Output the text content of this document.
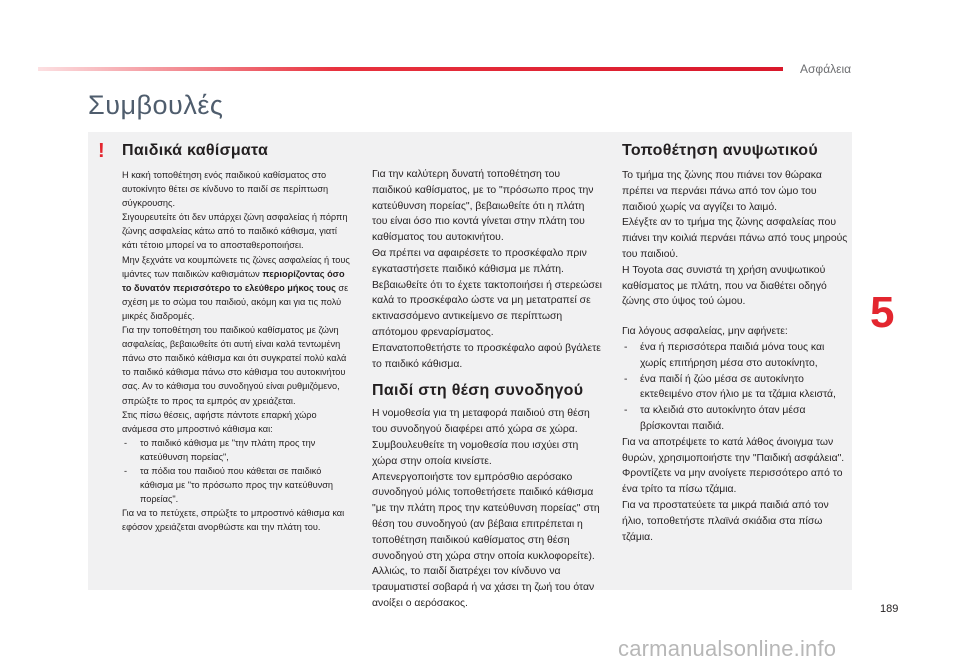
Ασφάλεια
Συμβουλές
! Παιδικά καθίσματα

Η κακή τοποθέτηση ενός παιδικού καθίσματος στο αυτοκίνητο θέτει σε κίνδυνο το παιδί σε περίπτωση σύγκρουσης.

Σιγουρευτείτε ότι δεν υπάρχει ζώνη ασφαλείας ή πόρπη ζώνης ασφαλείας κάτω από το παιδικό κάθισμα, γιατί κάτι τέτοιο μπορεί να το αποσταθεροποιήσει.

Μην ξεχνάτε να κουμπώνετε τις ζώνες ασφαλείας ή τους ιμάντες των παιδικών καθισμάτων περιορίζοντας όσο το δυνατόν περισσότερο το ελεύθερο μήκος τους σε σχέση με το σώμα του παιδιού, ακόμη και για τις πολύ μικρές διαδρομές.

Για την τοποθέτηση του παιδικού καθίσματος με ζώνη ασφαλείας, βεβαιωθείτε ότι αυτή είναι καλά τεντωμένη πάνω στο παιδικό κάθισμα και ότι συγκρατεί πολύ καλά το παιδικό κάθισμα πάνω στο κάθισμα του αυτοκινήτου σας. Αν το κάθισμα του συνοδηγού είναι ρυθμιζόμενο, σπρώξτε το προς τα εμπρός αν χρειάζεται.

Στις πίσω θέσεις, αφήστε πάντοτε επαρκή χώρο ανάμεσα στο μπροστινό κάθισμα και:

- το παιδικό κάθισμα με "την πλάτη προς την κατεύθυνση πορείας",
- τα πόδια του παιδιού που κάθεται σε παιδικό κάθισμα με "το πρόσωπο προς την κατεύθυνση πορείας".

Για να το πετύχετε, σπρώξτε το μπροστινό κάθισμα και εφόσον χρειάζεται ανορθώστε και την πλάτη του.

Για την καλύτερη δυνατή τοποθέτηση του παιδικού καθίσματος, με το "πρόσωπο προς την κατεύθυνση πορείας", βεβαιωθείτε ότι η πλάτη του είναι όσο πιο κοντά γίνεται στην πλάτη του καθίσματος του αυτοκινήτου.

Θα πρέπει να αφαιρέσετε το προσκέφαλο πριν εγκαταστήσετε παιδικό κάθισμα με πλάτη.

Βεβαιωθείτε ότι το έχετε τακτοποιήσει ή στερεώσει καλά το προσκέφαλο ώστε να μη μετατραπεί σε εκτινασσόμενο αντικείμενο σε περίπτωση απότομου φρεναρίσματος.

Επανατοποθετήστε το προσκέφαλο αφού βγάλετε το παιδικό κάθισμα.

Παιδί στη θέση συνοδηγού

Η νομοθεσία για τη μεταφορά παιδιού στη θέση του συνοδηγού διαφέρει από χώρα σε χώρα. Συμβουλευθείτε τη νομοθεσία που ισχύει στη χώρα στην οποία κινείστε.

Απενεργοποιήστε τον εμπρόσθιο αερόσακο συνοδηγού μόλις τοποθετήσετε παιδικό κάθισμα "με την πλάτη προς την κατεύθυνση πορείας" στη θέση του συνοδηγού (αν βέβαια επιτρέπεται η τοποθέτηση παιδικού καθίσματος στη θέση συνοδηγού στη χώρα στην οποία κυκλοφορείτε). Αλλιώς, το παιδί διατρέχει τον κίνδυνο να τραυματιστεί σοβαρά ή να χάσει τη ζωή του όταν ανοίξει ο αερόσακος.

Τοποθέτηση ανυψωτικού

Το τμήμα της ζώνης που πιάνει τον θώρακα πρέπει να περνάει πάνω από τον ώμο του παιδιού χωρίς να αγγίζει το λαιμό.

Ελέγξτε αν το τμήμα της ζώνης ασφαλείας που πιάνει την κοιλιά περνάει πάνω από τους μηρούς του παιδιού.

Η Toyota σας συνιστά τη χρήση ανυψωτικού καθίσματος με πλάτη, που να διαθέτει οδηγό ζώνης στο ύψος τού ώμου.

Για λόγους ασφαλείας, μην αφήνετε:

- ένα ή περισσότερα παιδιά μόνα τους και χωρίς επιτήρηση μέσα στο αυτοκίνητο,
- ένα παιδί ή ζώο μέσα σε αυτοκίνητο εκτεθειμένο στον ήλιο με τα τζάμια κλειστά,
- τα κλειδιά στο αυτοκίνητο όταν μέσα βρίσκονται παιδιά.

Για να αποτρέψετε το κατά λάθος άνοιγμα των θυρών, χρησιμοποιήστε την "Παιδική ασφάλεια".

Φροντίζετε να μην ανοίγετε περισσότερο από το ένα τρίτο τα πίσω τζάμια.

Για να προστατεύετε τα μικρά παιδιά από τον ήλιο, τοποθετήστε πλαϊνά σκιάδια στα πίσω τζάμια.

5
189
carmanualsonline.info
